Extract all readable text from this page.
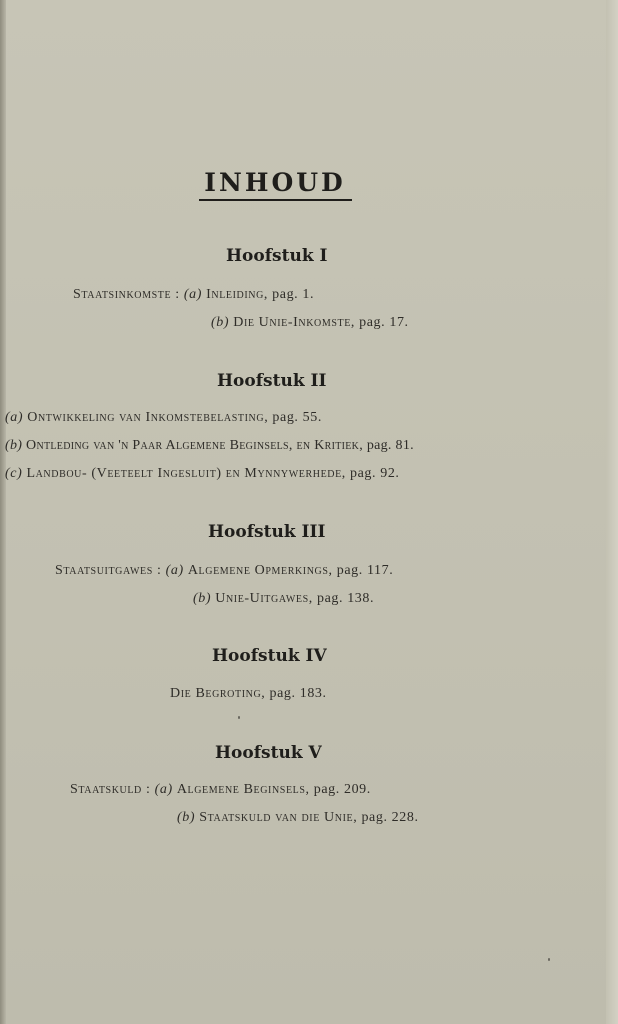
INHOUD
Hoofstuk I
Staatsinkomste : (a) Inleiding, pag. 1.
(b) Die Unie-Inkomste, pag. 17.
Hoofstuk II
(a) Ontwikkeling van Inkomstebelasting, pag. 55.
(b) Ontleding van 'n Paar Algemene Beginsels, en Kritiek, pag. 81.
(c) Landbou- (Veeteelt Ingesluit) en Mynnywerhede, pag. 92.
Hoofstuk III
Staatsuitgawes : (a) Algemene Opmerkings, pag. 117.
(b) Unie-Uitgawes, pag. 138.
Hoofstuk IV
Die Begroting, pag. 183.
Hoofstuk V
Staatskuld : (a) Algemene Beginsels, pag. 209.
(b) Staatskuld van die Unie, pag. 228.
